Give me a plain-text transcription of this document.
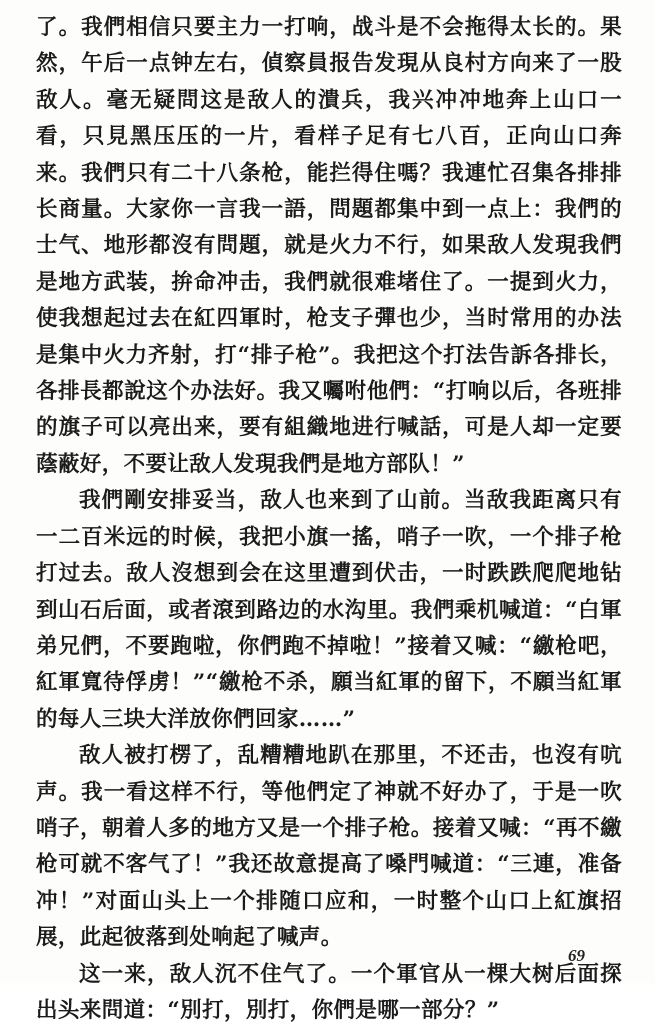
了。我們相信只要主力一打响，战斗是不会拖得太长的。果然，午后一点钟左右，偵察員报告发現从良村方向来了一股敌人。毫无疑問这是敌人的潰兵，我兴冲冲地奔上山口一看，只見黑压压的一片，看样子足有七八百，正向山口奔来。我們只有二十八条枪，能拦得住嗎？我連忙召集各排排长商量。大家你一言我一語，問題都集中到一点上：我們的士气、地形都沒有問題，就是火力不行，如果敌人发現我們是地方武装，拚命冲击，我們就很难堵住了。一提到火力，使我想起过去在紅四軍时，枪支子彈也少，当时常用的办法是集中火力齐射，打“排子枪”。我把这个打法告訴各排长，各排長都說这个办法好。我又囑咐他們：“打响以后，各班排的旗子可以亮出来，要有組織地进行喊話，可是人却一定要蔭蔽好，不要让敌人发現我們是地方部队！”

我們剛安排妥当，敌人也来到了山前。当敌我距离只有一二百米远的时候，我把小旗一搖，哨子一吹，一个排子枪打过去。敌人沒想到会在这里遭到伏击，一时跌跌爬爬地钻到山石后面，或者滾到路边的水沟里。我們乘机喊道：“白軍弟兄們，不要跑啦，你們跑不掉啦！”接着又喊：“繳枪吧，紅軍寬待俘虏！”“繳枪不杀，願当紅軍的留下，不願当紅軍的每人三块大洋放你們回家……”

敌人被打楞了，乱糟糟地趴在那里，不还击，也沒有吭声。我一看这样不行，等他們定了神就不好办了，于是一吹哨子，朝着人多的地方又是一个排子枪。接着又喊：“再不繳枪可就不客气了！”我还故意提高了嗓門喊道：“三連，准备冲！”对面山头上一个排随口应和，一时整个山口上紅旗招展，此起彼落到处响起了喊声。

这一来，敌人沉不住气了。一个軍官从一棵大树后面探出头来問道：“別打，別打，你們是哪一部分？”

69
